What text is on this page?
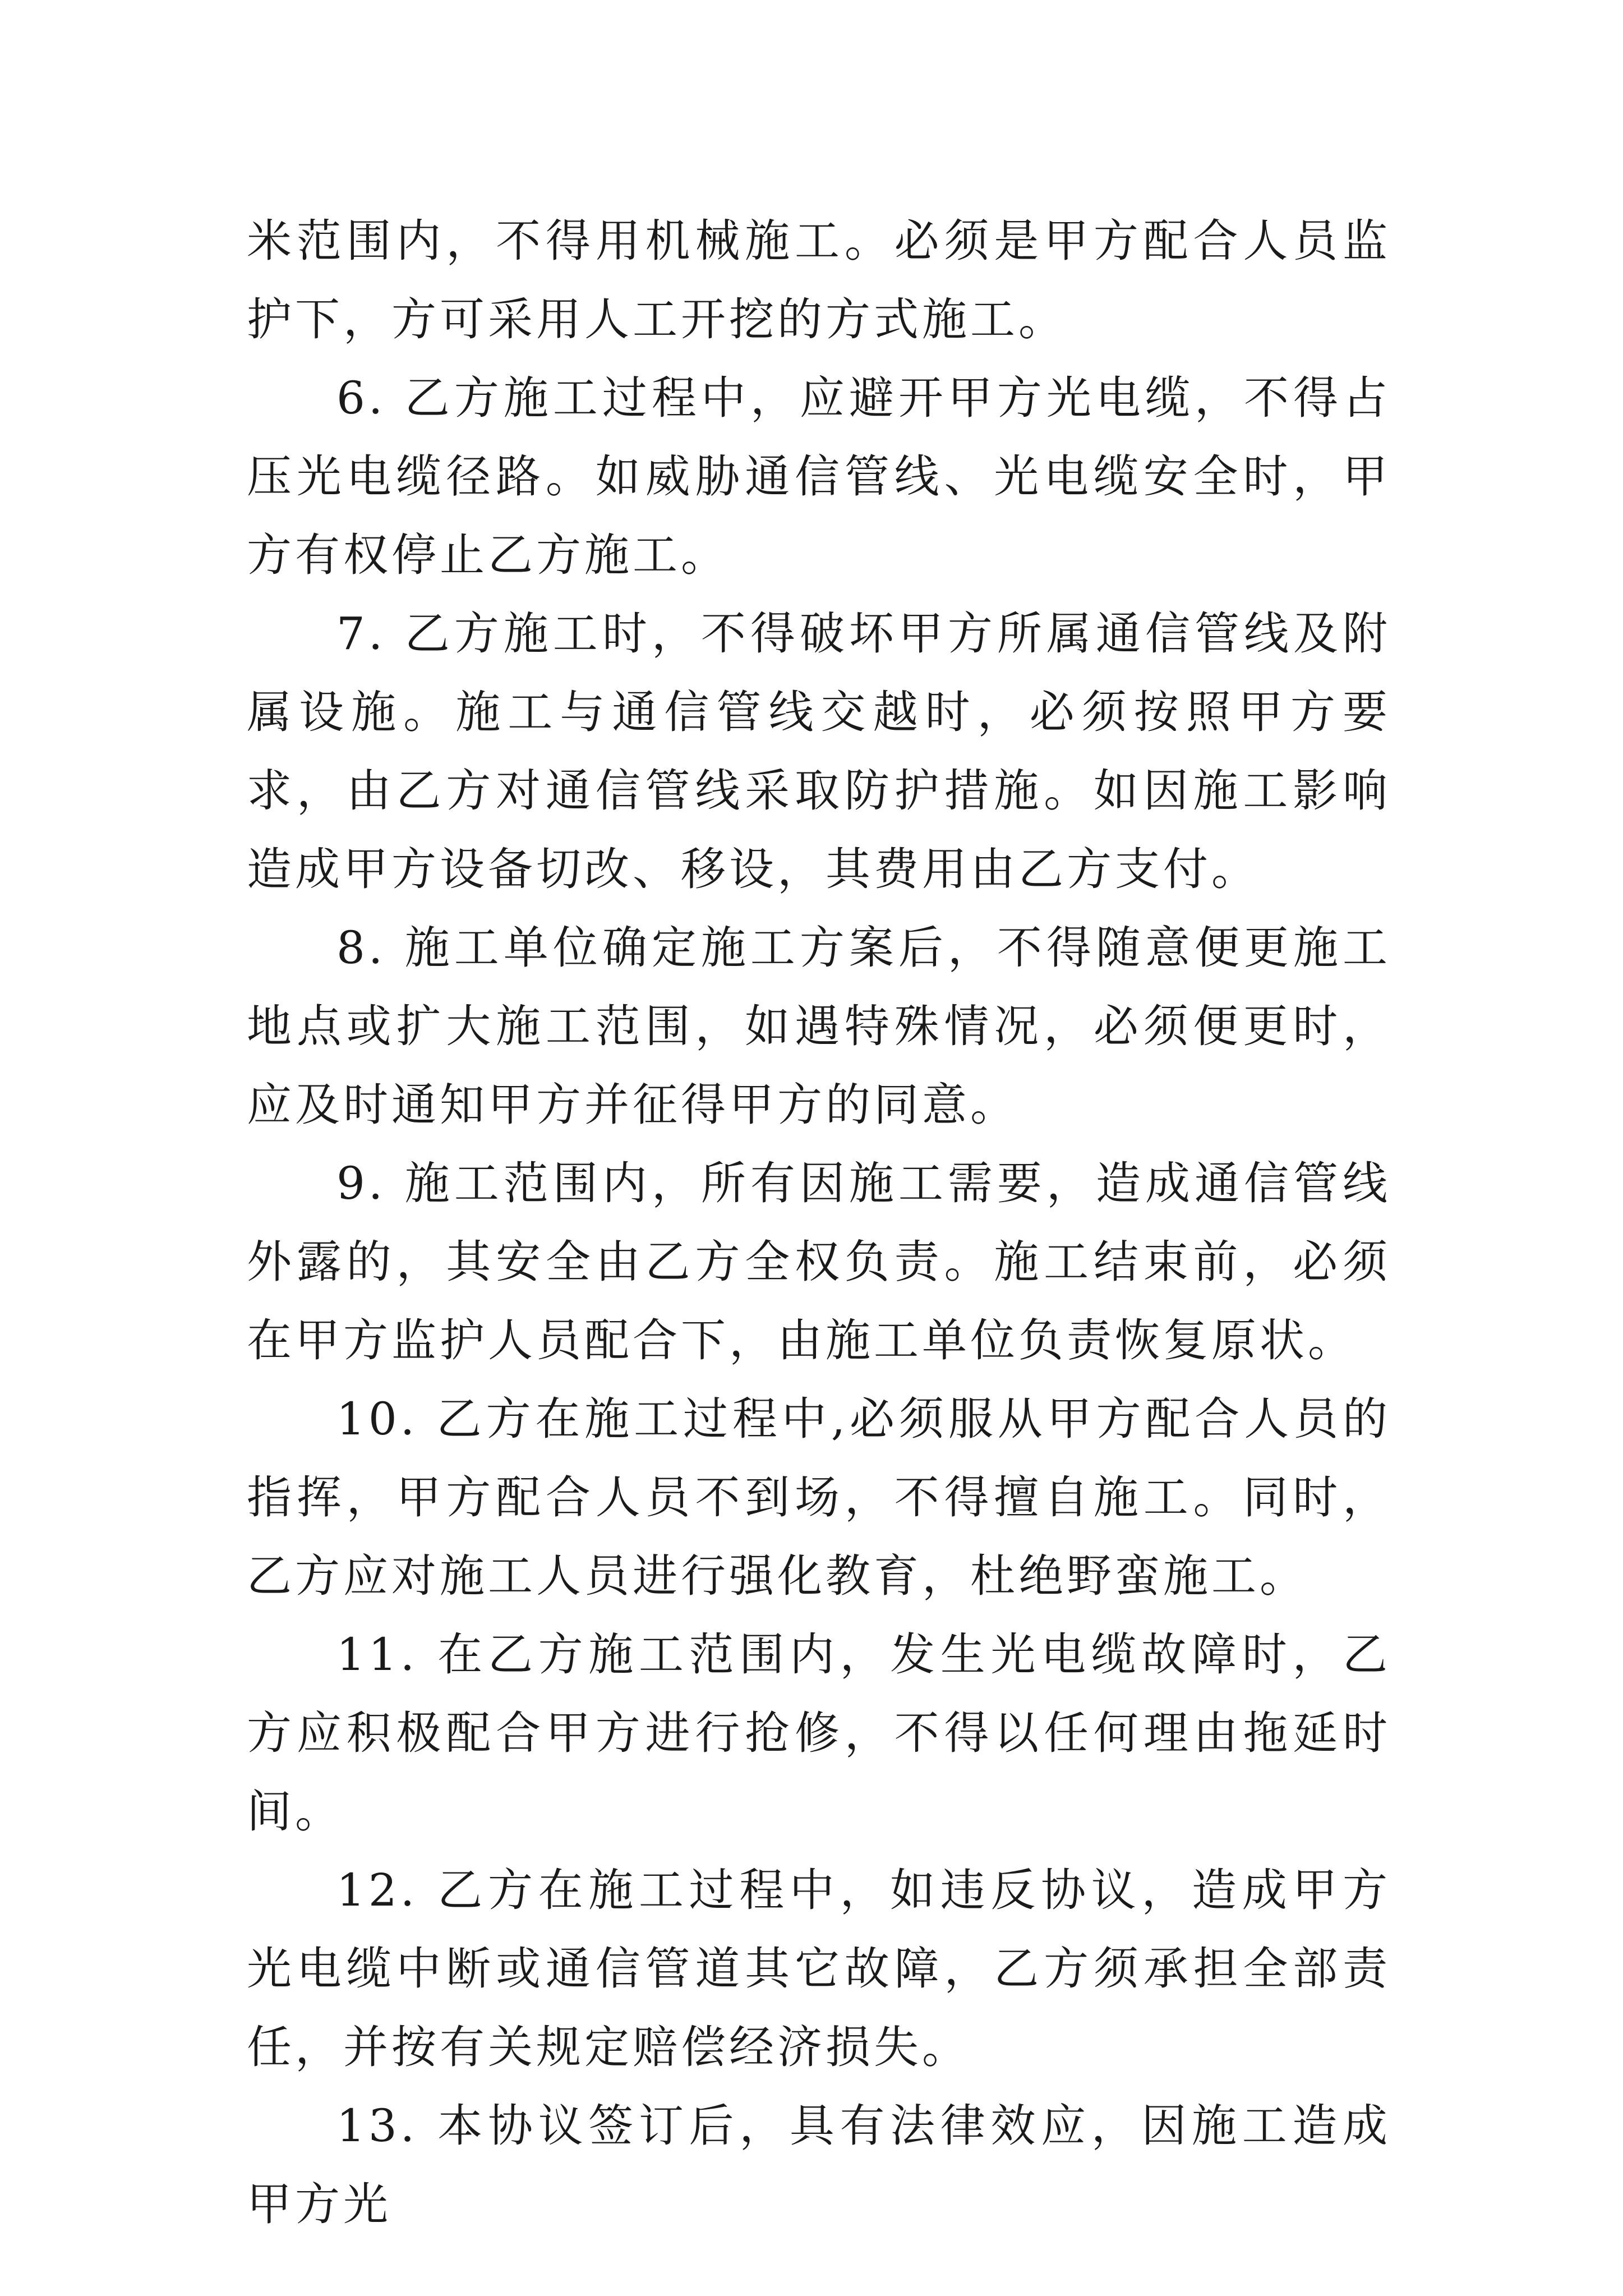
米范围内，不得用机械施工。必须是甲方配合人员监护下，方可采用人工开挖的方式施工。

6. 乙方施工过程中，应避开甲方光电缆，不得占压光电缆径路。如威胁通信管线、光电缆安全时，甲方有权停止乙方施工。

7. 乙方施工时，不得破坏甲方所属通信管线及附属设施。施工与通信管线交越时，必须按照甲方要求，由乙方对通信管线采取防护措施。如因施工影响造成甲方设备切改、移设，其费用由乙方支付。

8. 施工单位确定施工方案后，不得随意便更施工地点或扩大施工范围，如遇特殊情况，必须便更时，应及时通知甲方并征得甲方的同意。

9. 施工范围内，所有因施工需要，造成通信管线外露的，其安全由乙方全权负责。施工结束前，必须在甲方监护人员配合下，由施工单位负责恢复原状。

10. 乙方在施工过程中,必须服从甲方配合人员的指挥，甲方配合人员不到场，不得擅自施工。同时，乙方应对施工人员进行强化教育，杜绝野蛮施工。

11. 在乙方施工范围内，发生光电缆故障时，乙方应积极配合甲方进行抢修，不得以任何理由拖延时间。

12. 乙方在施工过程中，如违反协议，造成甲方光电缆中断或通信管道其它故障，乙方须承担全部责任，并按有关规定赔偿经济损失。

13. 本协议签订后，具有法律效应，因施工造成甲方光
